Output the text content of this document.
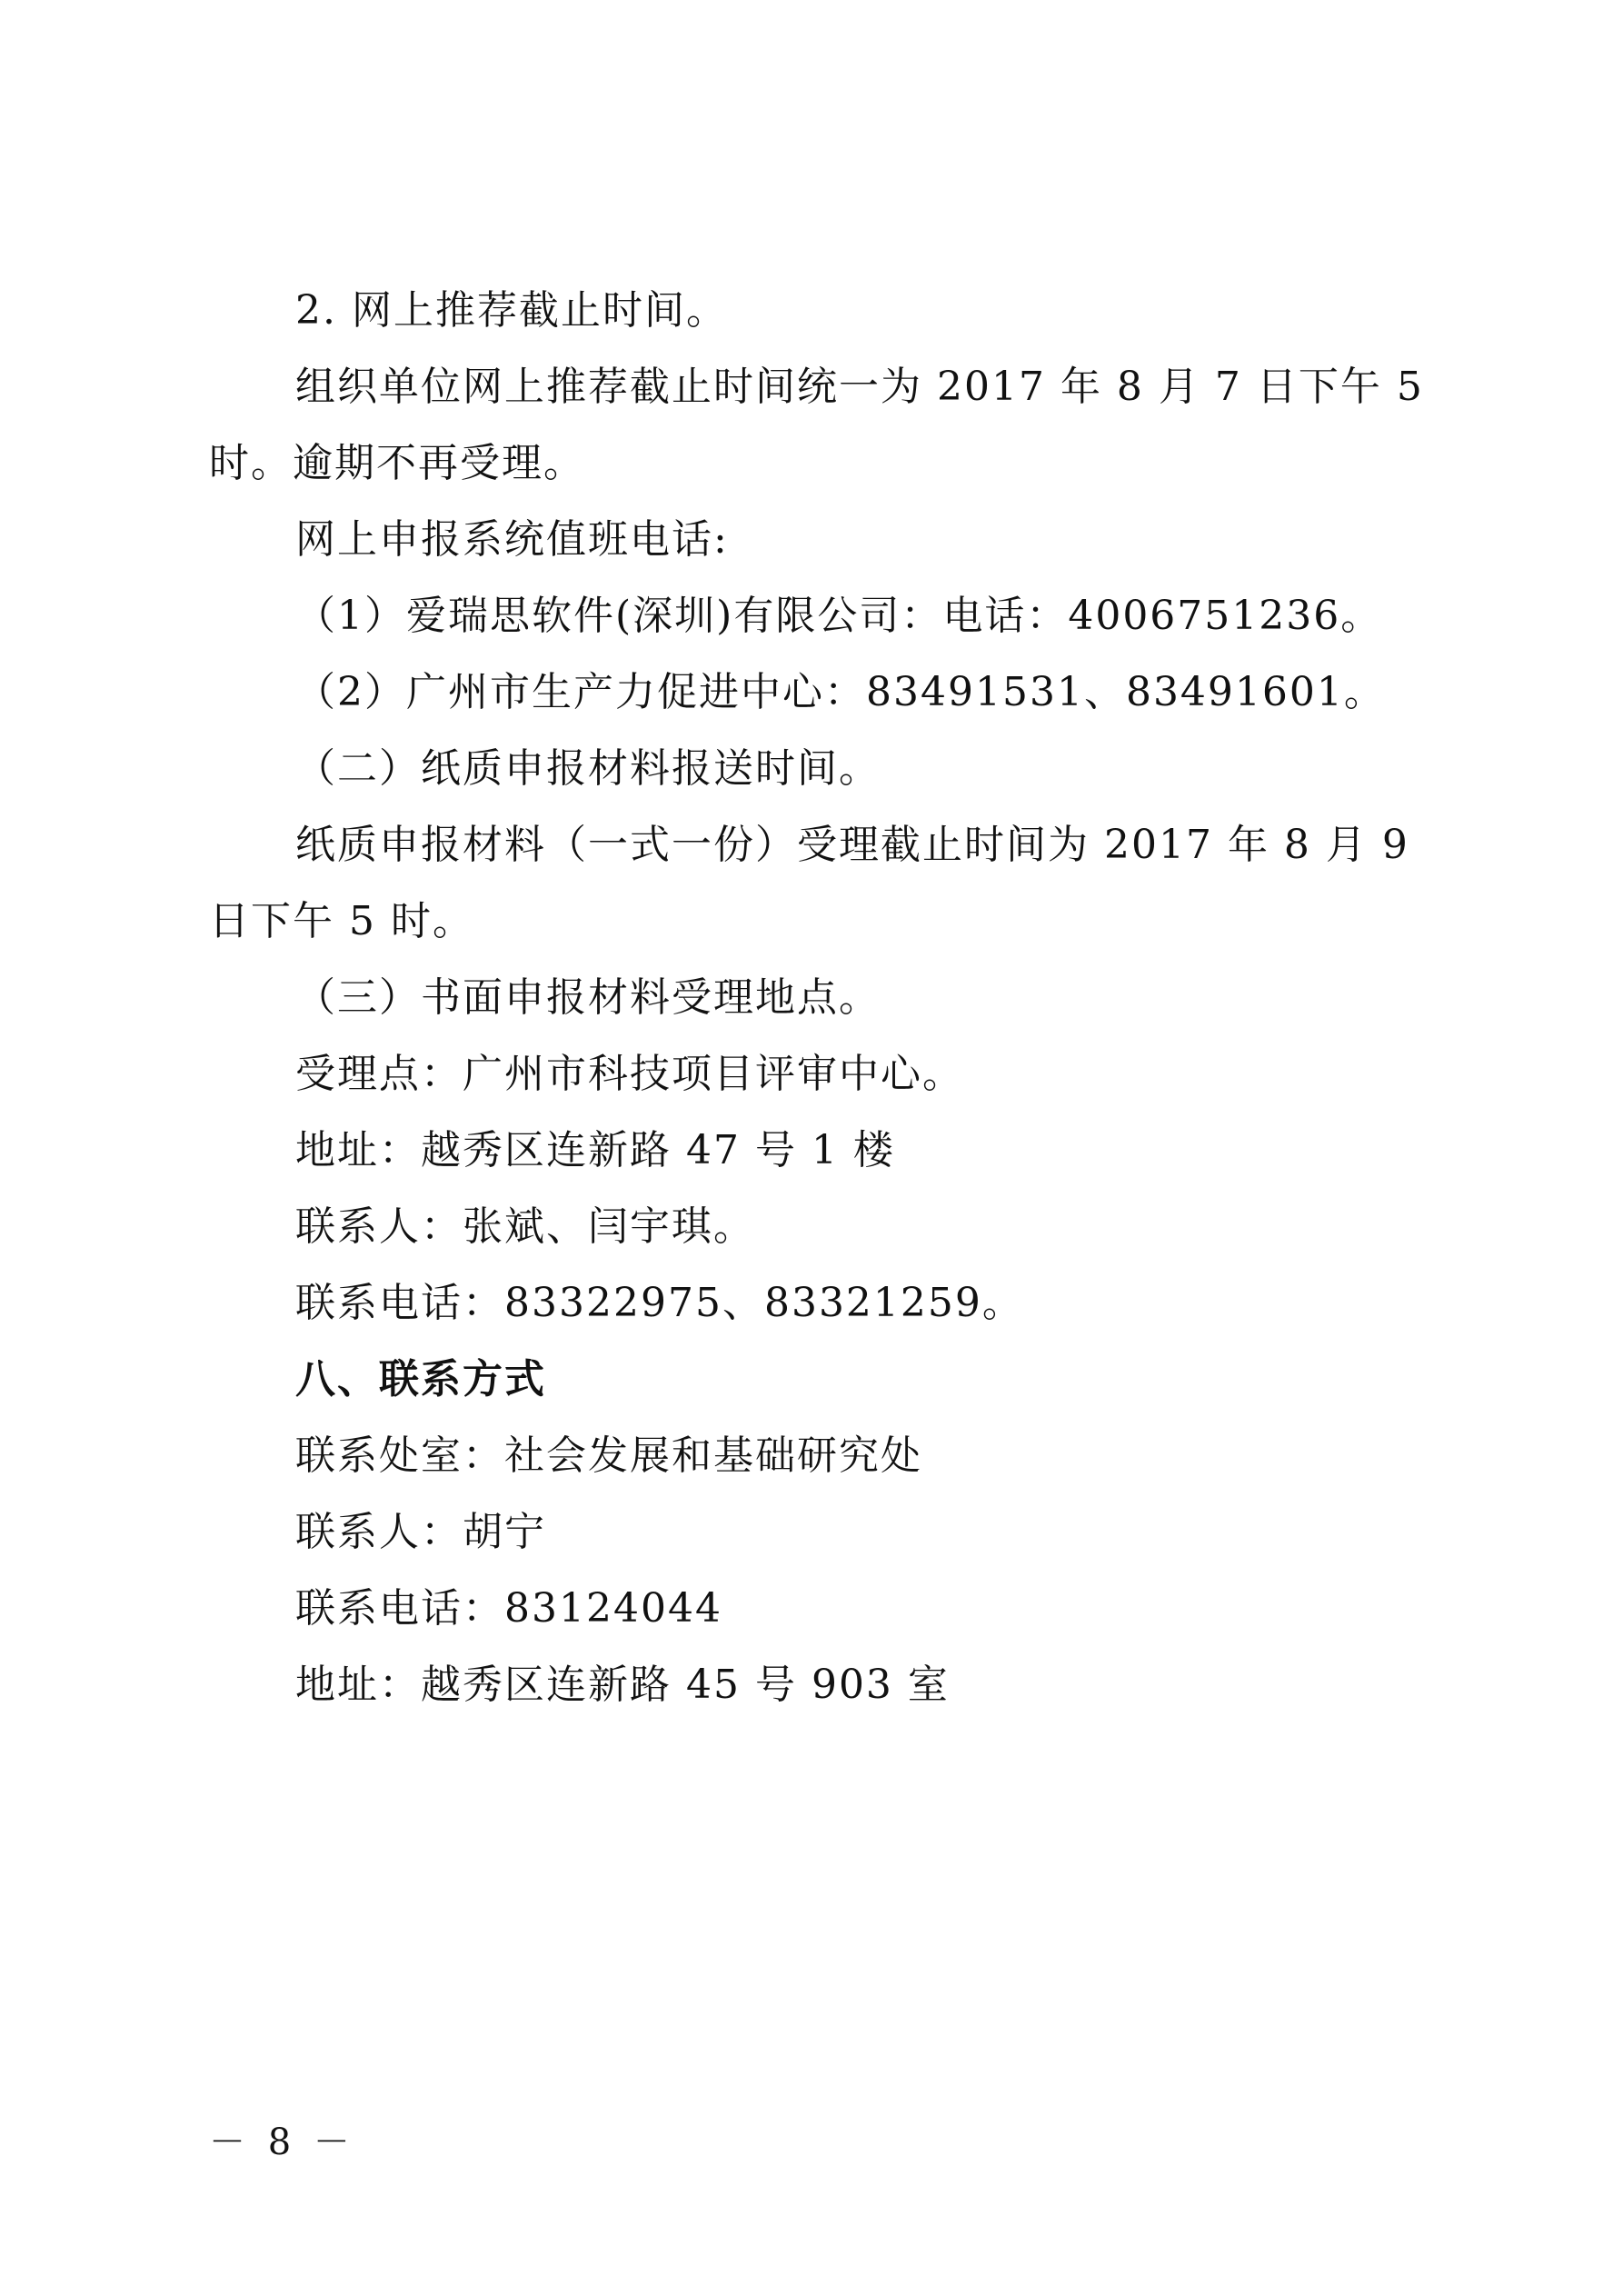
2. 网上推荐截止时间。
组织单位网上推荐截止时间统一为 2017 年 8 月 7 日下午 5
时。逾期不再受理。
网上申报系统值班电话:
（1）爱瑞思软件(深圳)有限公司：电话：4006751236。
（2）广州市生产力促进中心：83491531、83491601。
（二）纸质申报材料报送时间。
纸质申报材料（一式一份）受理截止时间为 2017 年 8 月 9
日下午 5 时。
（三）书面申报材料受理地点。
受理点：广州市科技项目评审中心。
地址：越秀区连新路 47 号 1 楼
联系人：张斌、闫宇琪。
联系电话：83322975、83321259。
八、联系方式
联系处室：社会发展和基础研究处
联系人：胡宁
联系电话：83124044
地址：越秀区连新路 45 号 903 室
－ 8 －
